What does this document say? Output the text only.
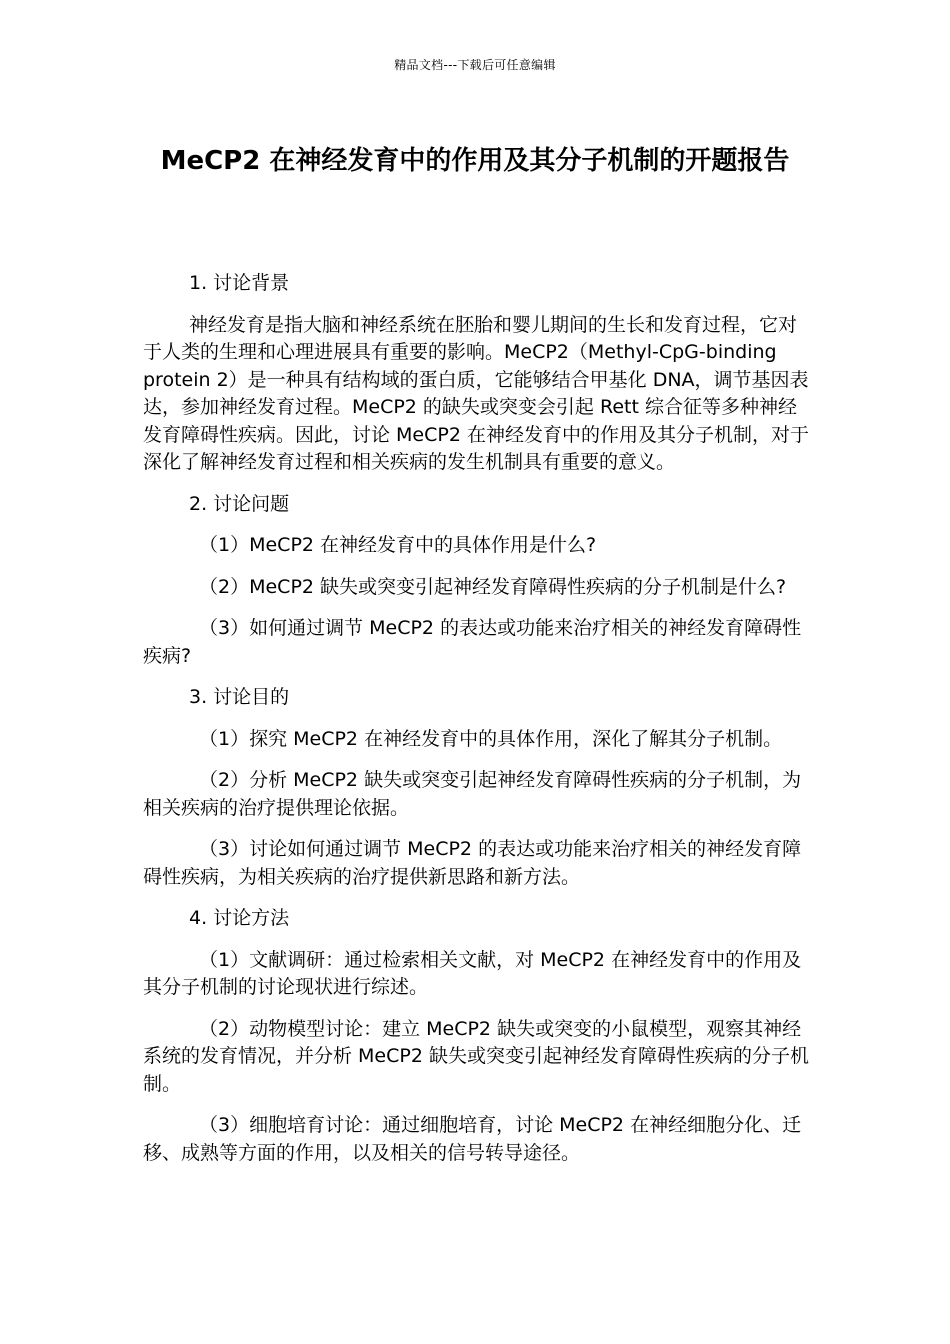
精品文档---下载后可任意编辑
MeCP2 在神经发育中的作用及其分子机制的开题报告

1. 讨论背景

神经发育是指大脑和神经系统在胚胎和婴儿期间的生长和发育过程，它对于人类的生理和心理进展具有重要的影响。MeCP2（Methyl-CpG-binding protein 2）是一种具有结构域的蛋白质，它能够结合甲基化 DNA，调节基因表达，参加神经发育过程。MeCP2 的缺失或突变会引起 Rett 综合征等多种神经发育障碍性疾病。因此，讨论 MeCP2 在神经发育中的作用及其分子机制，对于深化了解神经发育过程和相关疾病的发生机制具有重要的意义。

2. 讨论问题

（1）MeCP2 在神经发育中的具体作用是什么?

（2）MeCP2 缺失或突变引起神经发育障碍性疾病的分子机制是什么?

（3）如何通过调节 MeCP2 的表达或功能来治疗相关的神经发育障碍性疾病?

3. 讨论目的

（1）探究 MeCP2 在神经发育中的具体作用，深化了解其分子机制。

（2）分析 MeCP2 缺失或突变引起神经发育障碍性疾病的分子机制，为相关疾病的治疗提供理论依据。

（3）讨论如何通过调节 MeCP2 的表达或功能来治疗相关的神经发育障碍性疾病，为相关疾病的治疗提供新思路和新方法。

4. 讨论方法

（1）文献调研：通过检索相关文献，对 MeCP2 在神经发育中的作用及其分子机制的讨论现状进行综述。

（2）动物模型讨论：建立 MeCP2 缺失或突变的小鼠模型，观察其神经系统的发育情况，并分析 MeCP2 缺失或突变引起神经发育障碍性疾病的分子机制。

（3）细胞培育讨论：通过细胞培育，讨论 MeCP2 在神经细胞分化、迁移、成熟等方面的作用，以及相关的信号转导途径。
